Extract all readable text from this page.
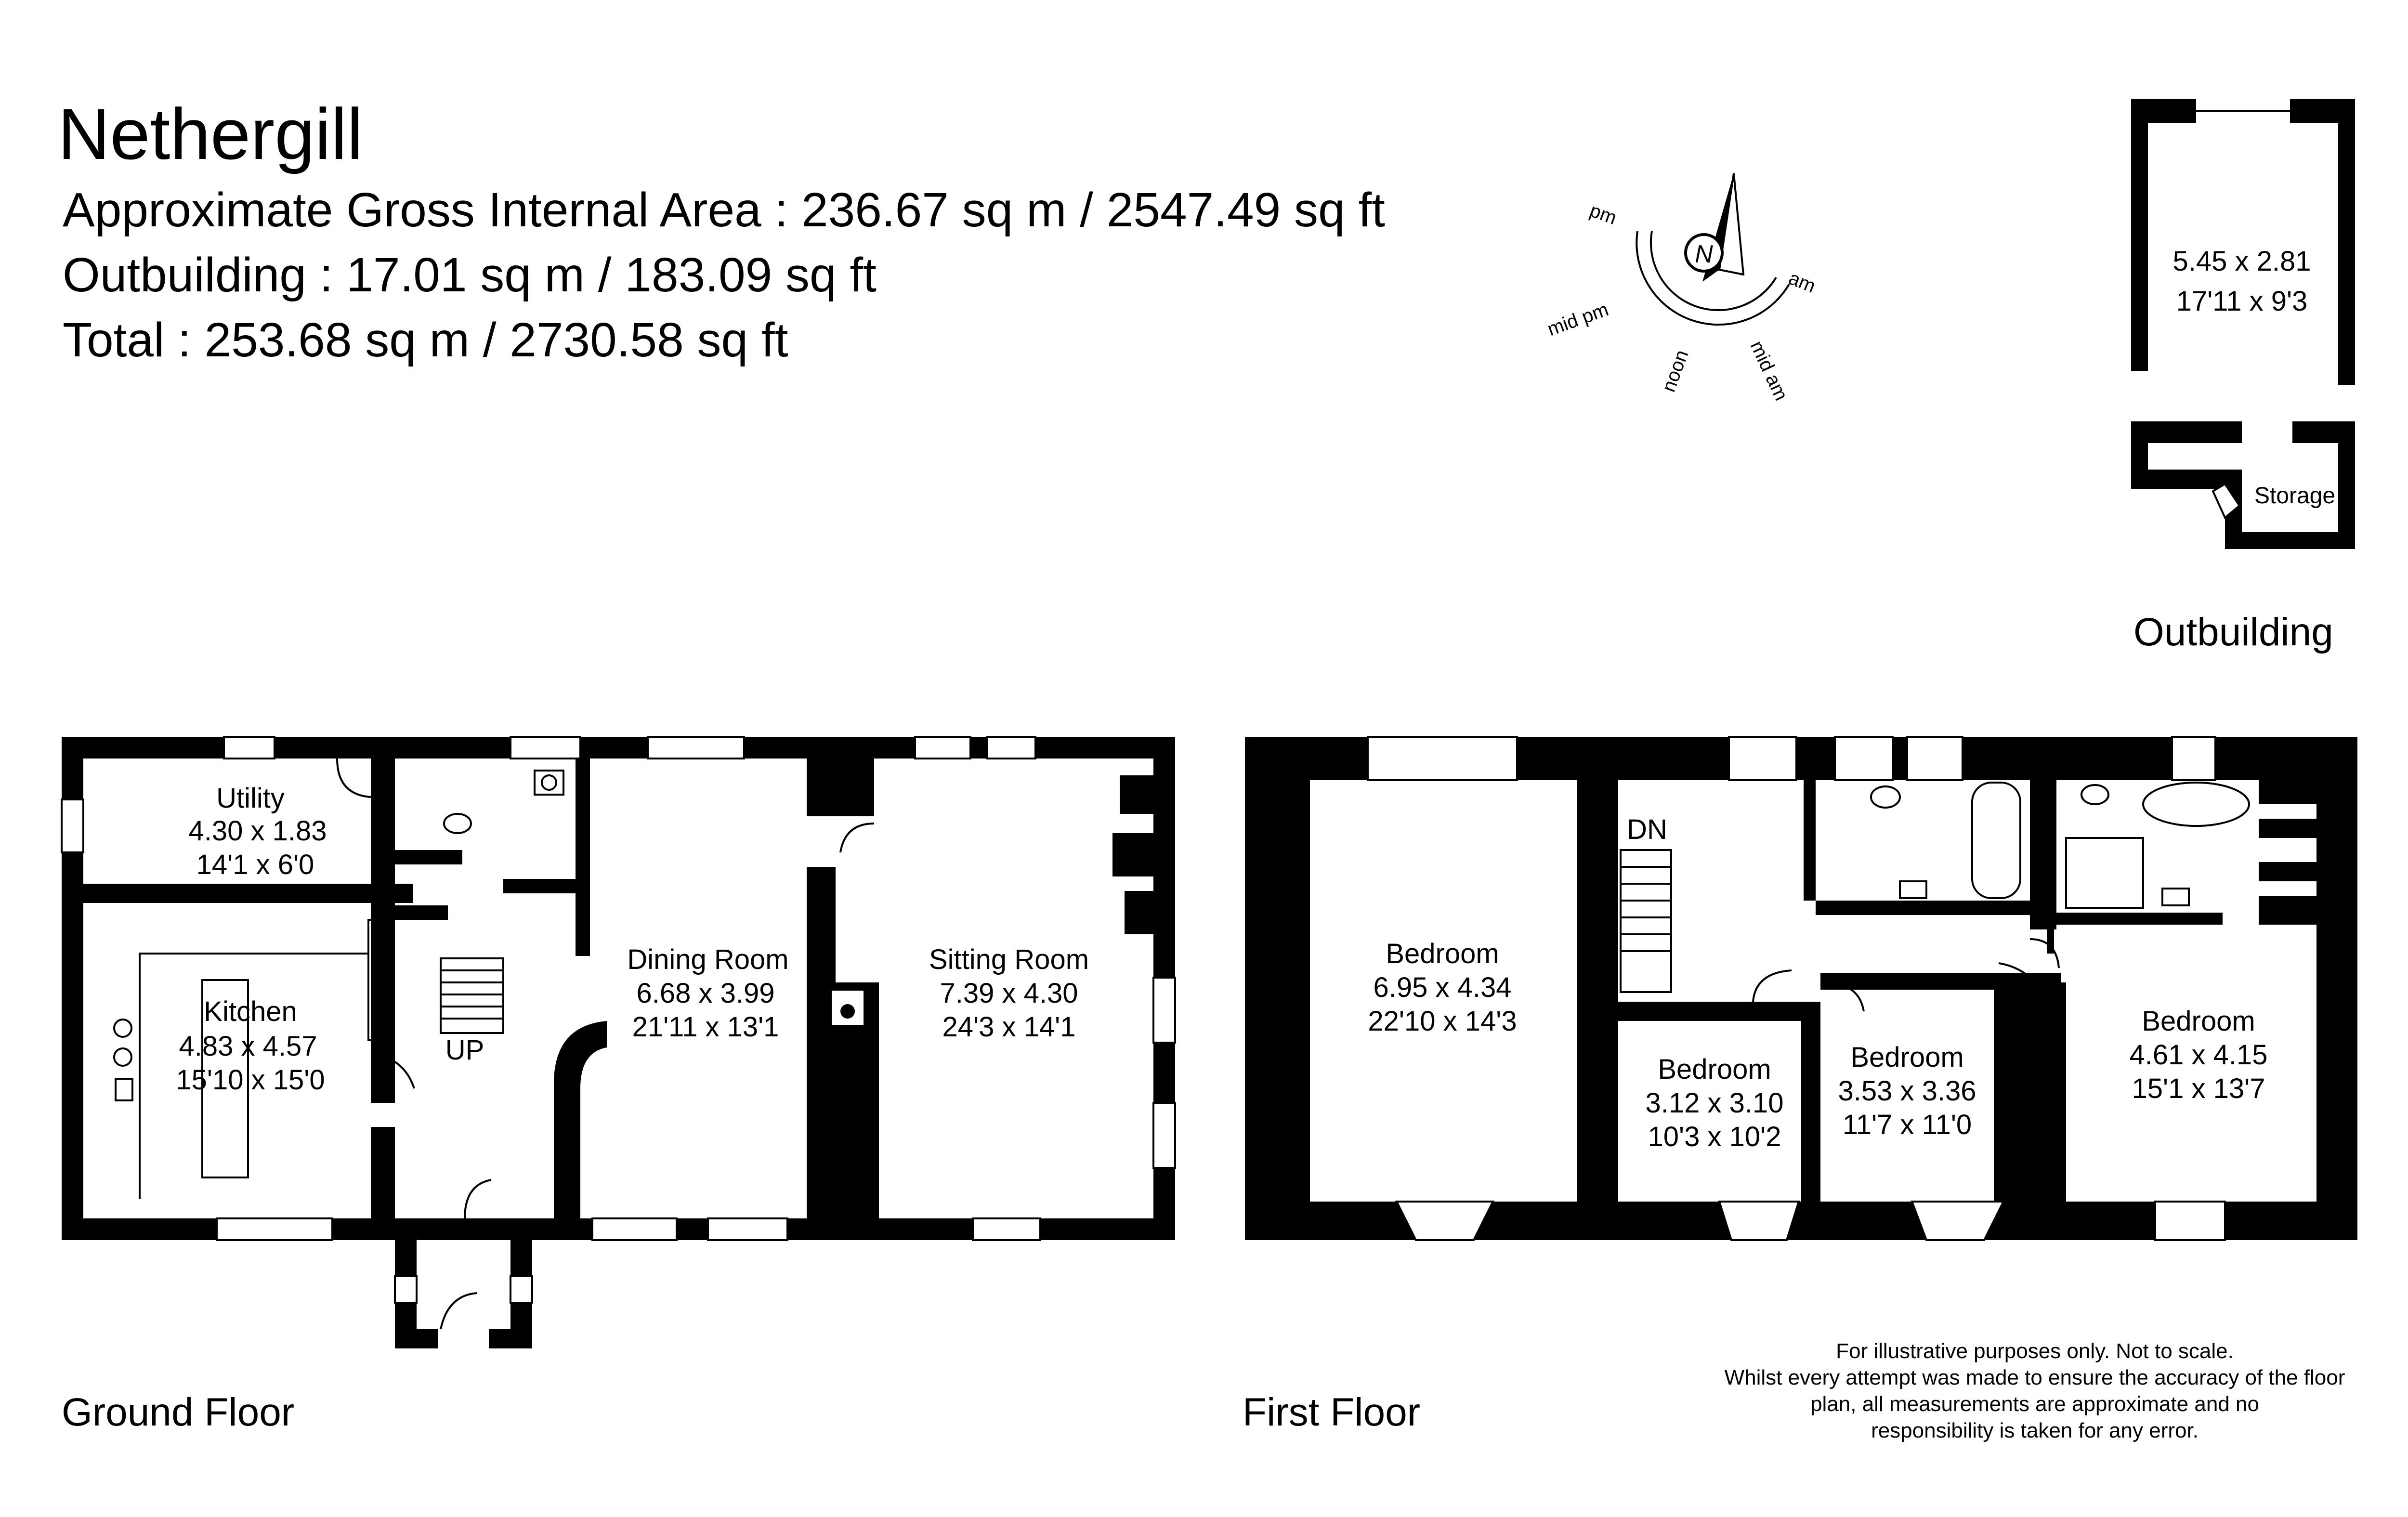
Nethergill
Approximate Gross Internal Area : 236.67 sq m / 2547.49 sq ft
Outbuilding : 17.01 sq m / 183.09 sq ft
Total : 253.68 sq m / 2730.58 sq ft
N
pm
mid pm
noon	mid am
am
5.45 x 2.81
17'11 x 9'3
Storage
Outbuilding
Utility
4.30 x 1.83
14'1 x 6'0
Kitchen
4.83 x 4.57
15'10 x 15'0
Dining Room
6.68 x 3.99
21'11 x 13'1
Sitting Room
7.39 x 4.30
24'3 x 14'1
UP
Ground Floor
Bedroom
6.95 x 4.34
22'10 x 14'3
Bedroom
3.12 x 3.10
10'3 x 10'2
Bedroom
3.53 x 3.36
11'7 x 11'0
Bedroom
4.61 x 4.15
15'1 x 13'7
DN
First Floor
For illustrative purposes only. Not to scale.
Whilst every attempt was made to ensure the accuracy of the floor
plan, all measurements are approximate and no
responsibility is taken for any error.
